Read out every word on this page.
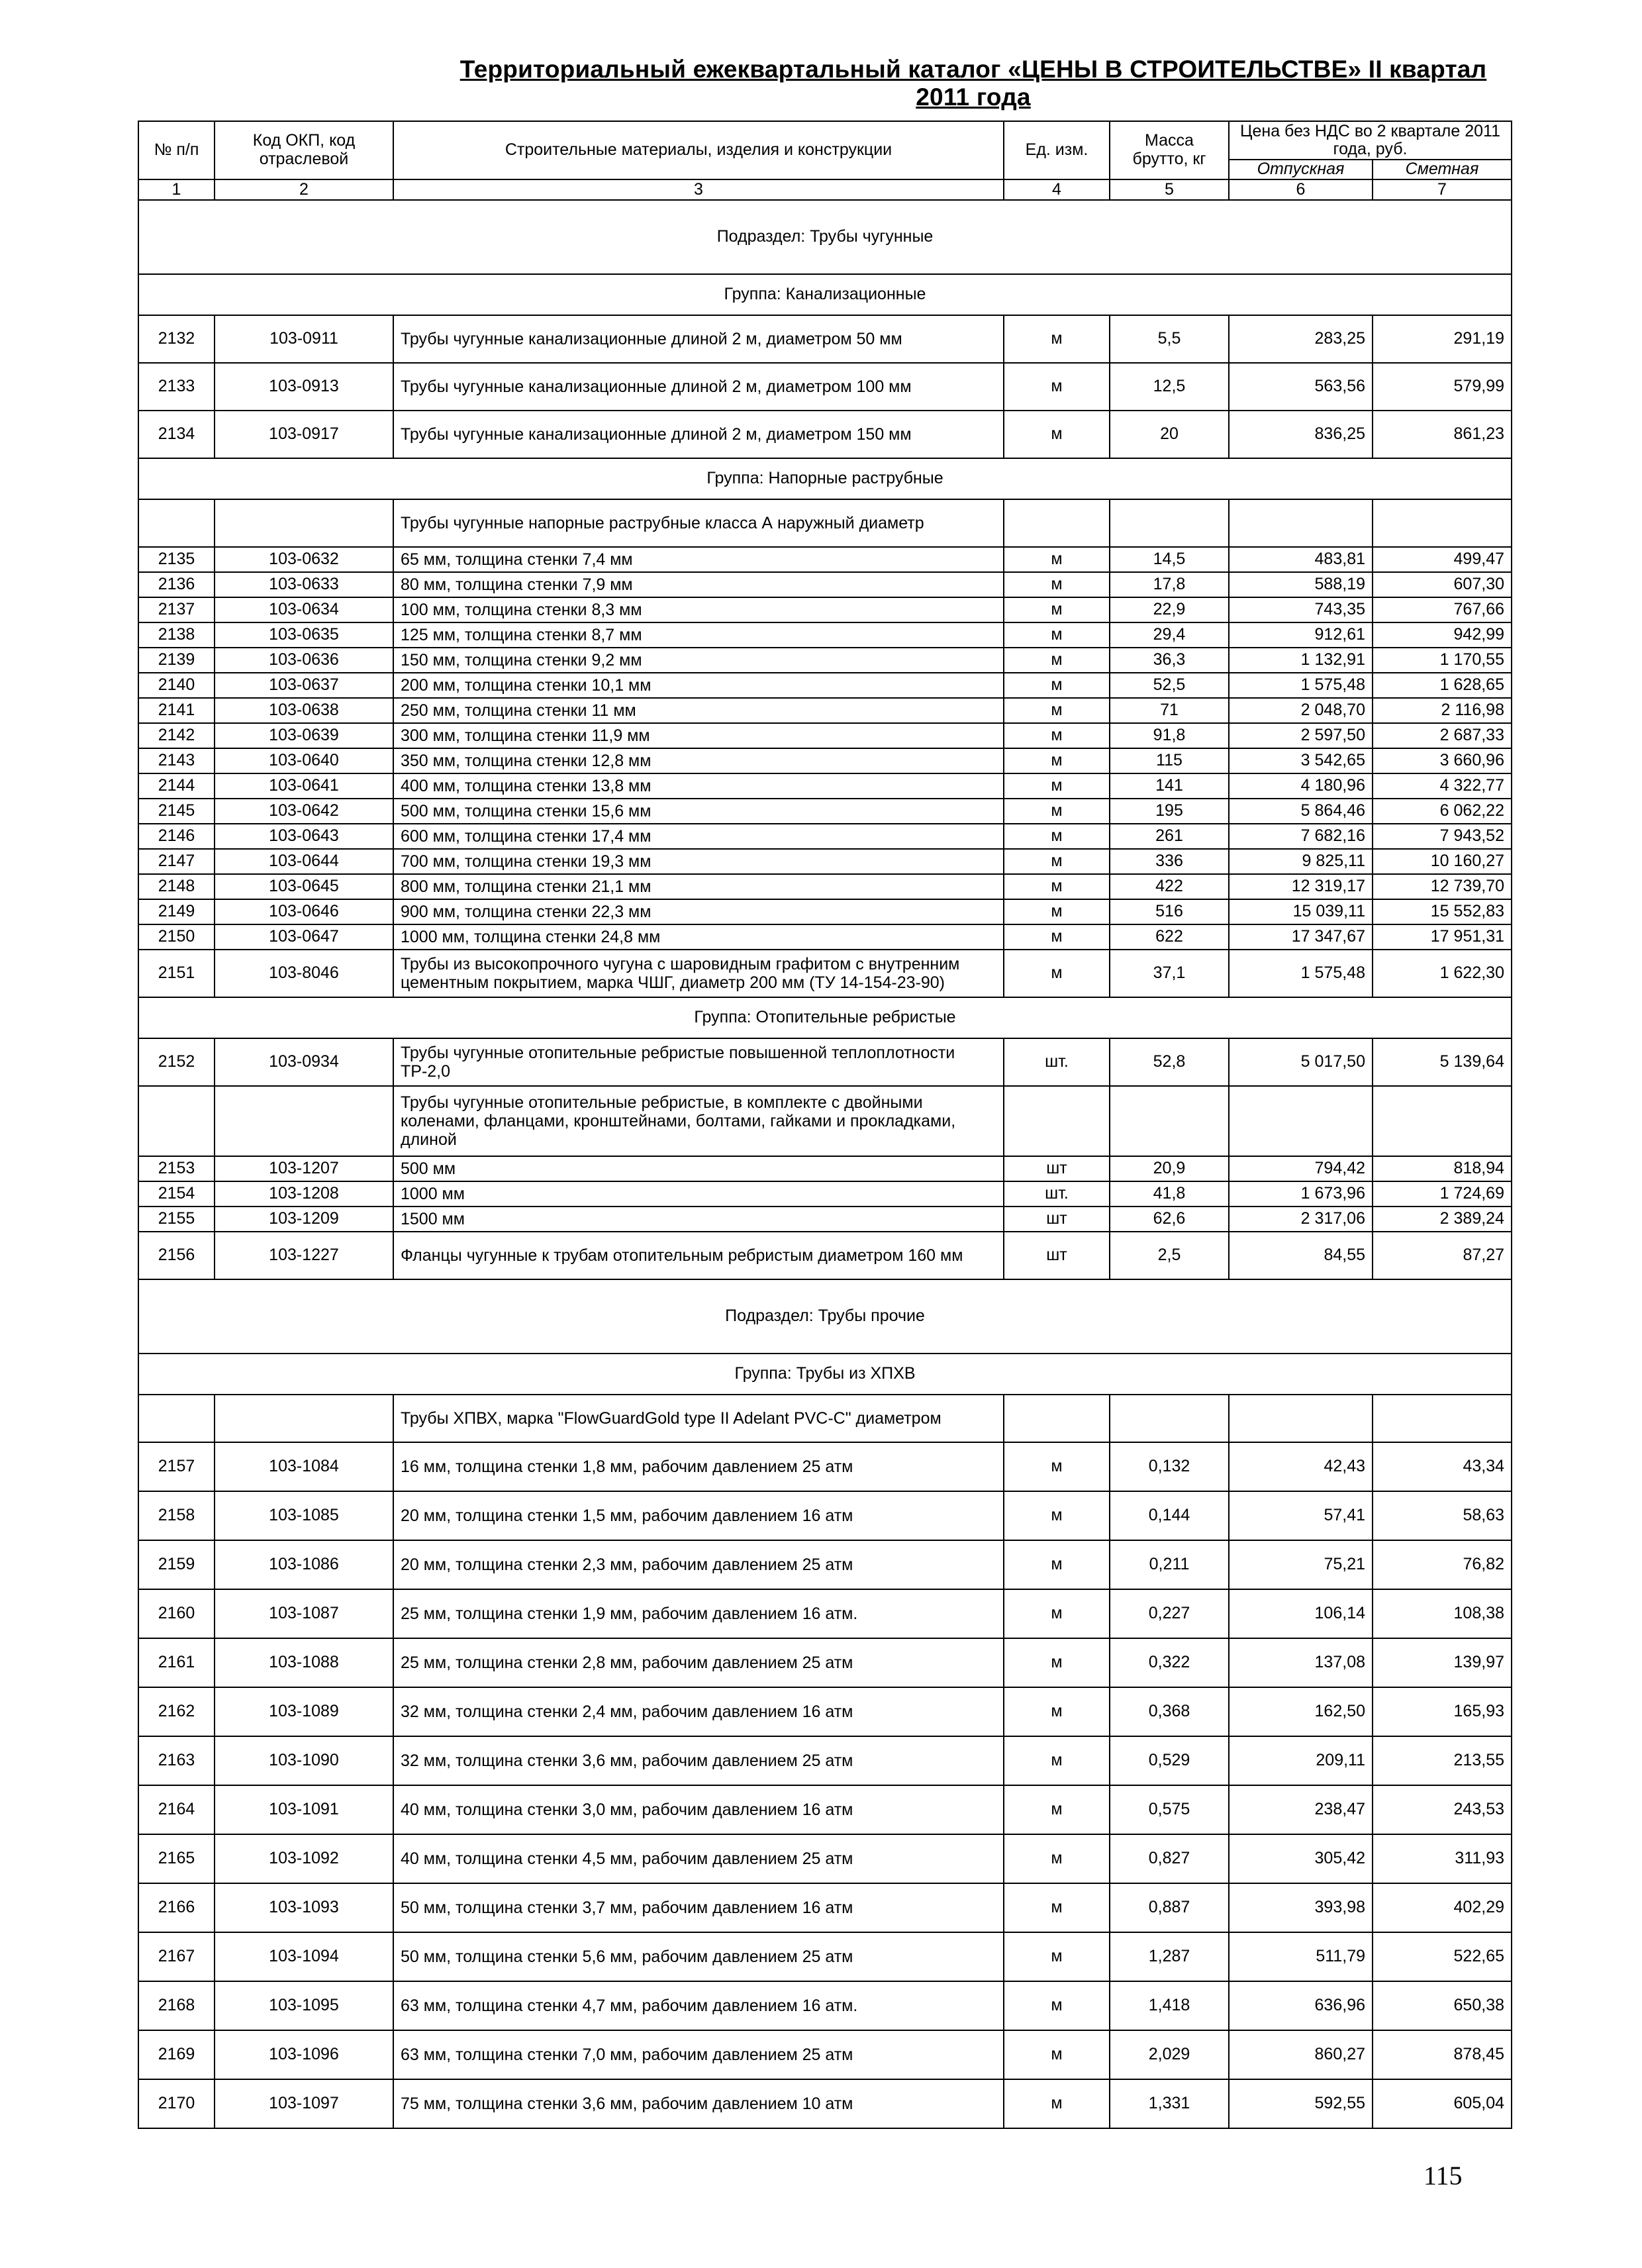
Территориальный ежеквартальный каталог «ЦЕНЫ В СТРОИТЕЛЬСТВЕ» II квартал 2011 года
№ п/п	Код ОКП, код отраслевой	Строительные материалы, изделия и конструкции	Ед. изм.	Масса брутто, кг	Цена без НДС во 2 квартале 2011 года, руб.	
					Отпускная	Сметная
1	2	3	4	5	6	7
Подраздел: Трубы чугунные						
Группа: Канализационные						
2132	103-0911	Трубы чугунные канализационные длиной 2 м, диаметром 50 мм	м	5,5	283,25	291,19
2133	103-0913	Трубы чугунные канализационные длиной 2 м, диаметром 100 мм	м	12,5	563,56	579,99
2134	103-0917	Трубы чугунные канализационные длиной 2 м, диаметром 150 мм	м	20	836,25	861,23
Группа: Напорные раструбные						
		Трубы чугунные напорные раструбные класса А наружный диаметр				
2135	103-0632	65 мм, толщина стенки 7,4 мм	м	14,5	483,81	499,47
2136	103-0633	80 мм, толщина стенки 7,9 мм	м	17,8	588,19	607,30
2137	103-0634	100 мм, толщина стенки 8,3 мм	м	22,9	743,35	767,66
2138	103-0635	125 мм, толщина стенки 8,7 мм	м	29,4	912,61	942,99
2139	103-0636	150 мм, толщина стенки 9,2 мм	м	36,3	1 132,91	1 170,55
2140	103-0637	200 мм, толщина стенки 10,1 мм	м	52,5	1 575,48	1 628,65
2141	103-0638	250 мм, толщина стенки 11 мм	м	71	2 048,70	2 116,98
2142	103-0639	300 мм, толщина стенки 11,9 мм	м	91,8	2 597,50	2 687,33
2143	103-0640	350 мм, толщина стенки 12,8 мм	м	115	3 542,65	3 660,96
2144	103-0641	400 мм, толщина стенки 13,8 мм	м	141	4 180,96	4 322,77
2145	103-0642	500 мм, толщина стенки 15,6 мм	м	195	5 864,46	6 062,22
2146	103-0643	600 мм, толщина стенки 17,4 мм	м	261	7 682,16	7 943,52
2147	103-0644	700 мм, толщина стенки 19,3 мм	м	336	9 825,11	10 160,27
2148	103-0645	800 мм, толщина стенки 21,1 мм	м	422	12 319,17	12 739,70
2149	103-0646	900 мм, толщина стенки 22,3 мм	м	516	15 039,11	15 552,83
2150	103-0647	1000 мм, толщина стенки 24,8 мм	м	622	17 347,67	17 951,31
2151	103-8046	Трубы из высокопрочного чугуна с шаровидным графитом с внутренним цементным покрытием, марка ЧШГ, диаметр 200 мм (ТУ 14-154-23-90)	м	37,1	1 575,48	1 622,30
Группа: Отопительные ребристые						
2152	103-0934	Трубы чугунные отопительные ребристые повышенной теплоплотности ТР-2,0	шт.	52,8	5 017,50	5 139,64
		Трубы чугунные отопительные ребристые, в комплекте с двойными коленами, фланцами, кронштейнами, болтами, гайками и прокладками, длиной				
2153	103-1207	500 мм	шт	20,9	794,42	818,94
2154	103-1208	1000 мм	шт.	41,8	1 673,96	1 724,69
2155	103-1209	1500 мм	шт	62,6	2 317,06	2 389,24
2156	103-1227	Фланцы чугунные к трубам отопительным ребристым диаметром 160 мм	шт	2,5	84,55	87,27
Подраздел: Трубы прочие						
Группа: Трубы из ХПХВ						
		Трубы ХПВХ, марка "FlowGuardGold type II Adelant PVC-C" диаметром				
2157	103-1084	16 мм, толщина стенки 1,8 мм, рабочим давлением 25 атм	м	0,132	42,43	43,34
2158	103-1085	20 мм, толщина стенки 1,5 мм, рабочим давлением 16 атм	м	0,144	57,41	58,63
2159	103-1086	20 мм, толщина стенки 2,3 мм, рабочим давлением 25 атм	м	0,211	75,21	76,82
2160	103-1087	25 мм, толщина стенки 1,9 мм, рабочим давлением 16 атм.	м	0,227	106,14	108,38
2161	103-1088	25 мм, толщина стенки 2,8 мм, рабочим давлением 25 атм	м	0,322	137,08	139,97
2162	103-1089	32 мм, толщина стенки 2,4 мм, рабочим давлением 16 атм	м	0,368	162,50	165,93
2163	103-1090	32 мм, толщина стенки 3,6 мм, рабочим давлением 25 атм	м	0,529	209,11	213,55
2164	103-1091	40 мм, толщина стенки 3,0 мм, рабочим давлением 16 атм	м	0,575	238,47	243,53
2165	103-1092	40 мм, толщина стенки 4,5 мм, рабочим давлением 25 атм	м	0,827	305,42	311,93
2166	103-1093	50 мм, толщина стенки 3,7 мм, рабочим давлением 16 атм	м	0,887	393,98	402,29
2167	103-1094	50 мм, толщина стенки 5,6 мм, рабочим давлением 25 атм	м	1,287	511,79	522,65
2168	103-1095	63 мм, толщина стенки 4,7 мм, рабочим давлением 16 атм.	м	1,418	636,96	650,38
2169	103-1096	63 мм, толщина стенки 7,0 мм, рабочим давлением 25 атм	м	2,029	860,27	878,45
2170	103-1097	75 мм, толщина стенки 3,6 мм, рабочим давлением 10 атм	м	1,331	592,55	605,04
115
